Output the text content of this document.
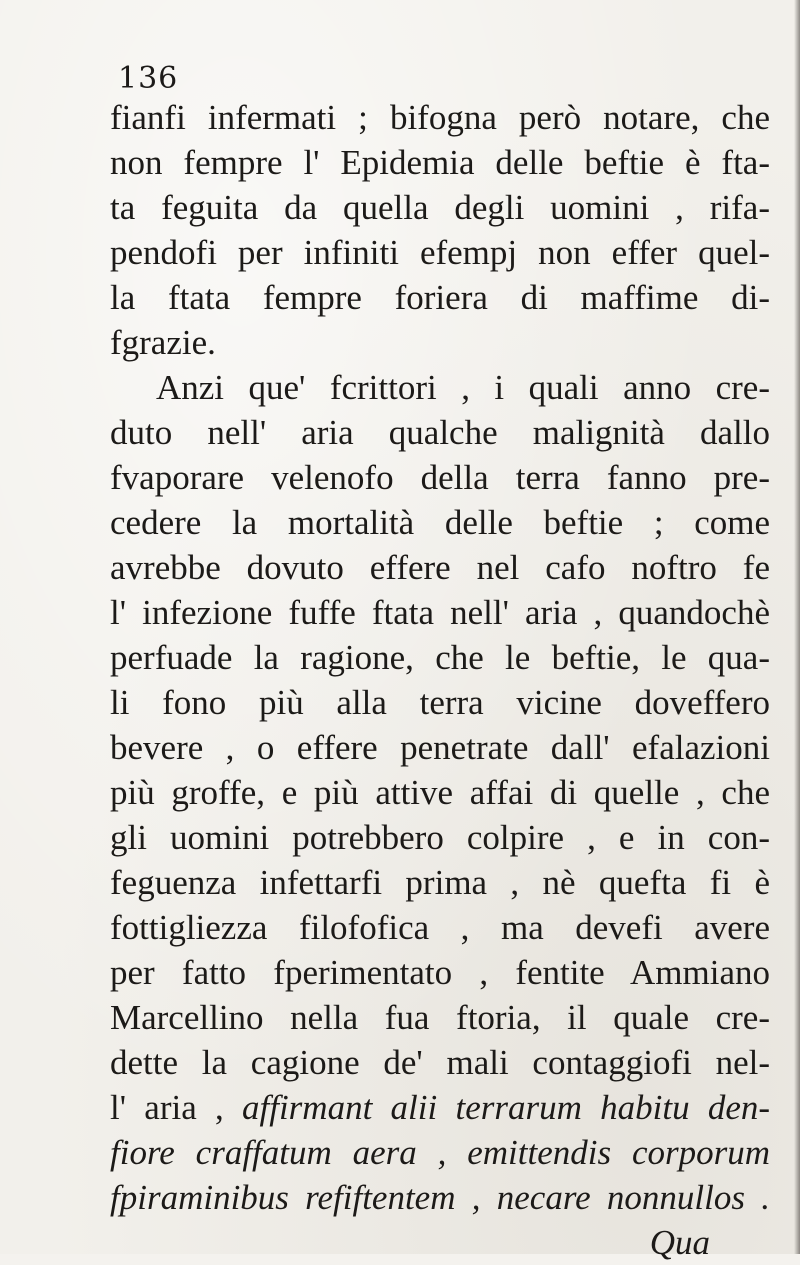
136
fianfi infermati ; bifogna però notare, che
non fempre l' Epidemia delle beftie è fta-
ta feguita da quella degli uomini , rifa-
pendofi per infiniti efempj non effer quel-
la ftata fempre foriera di maffime di-
fgrazie.
Anzi que' fcrittori , i quali anno cre-
duto nell' aria qualche malignità dallo
fvaporare velenofo della terra fanno pre-
cedere la mortalità delle beftie ; come
avrebbe dovuto effere nel cafo noftro fe
l' infezione fuffe ftata nell' aria , quandochè
perfuade la ragione, che le beftie, le qua-
li fono più alla terra vicine doveffero
bevere , o effere penetrate dall' efalazioni
più groffe, e più attive affai di quelle , che
gli uomini potrebbero colpire , e in con-
feguenza infettarfi prima , nè quefta fi è
fottigliezza filofofica , ma devefi avere
per fatto fperimentato , fentite Ammiano
Marcellino nella fua ftoria, il quale cre-
dette la cagione de' mali contaggiofi nel-
l' aria , affirmant alii terrarum habitu den-
fiore craffatum aera , emittendis corporum
fpiraminibus refiftentem , necare nonnullos .
Qua
